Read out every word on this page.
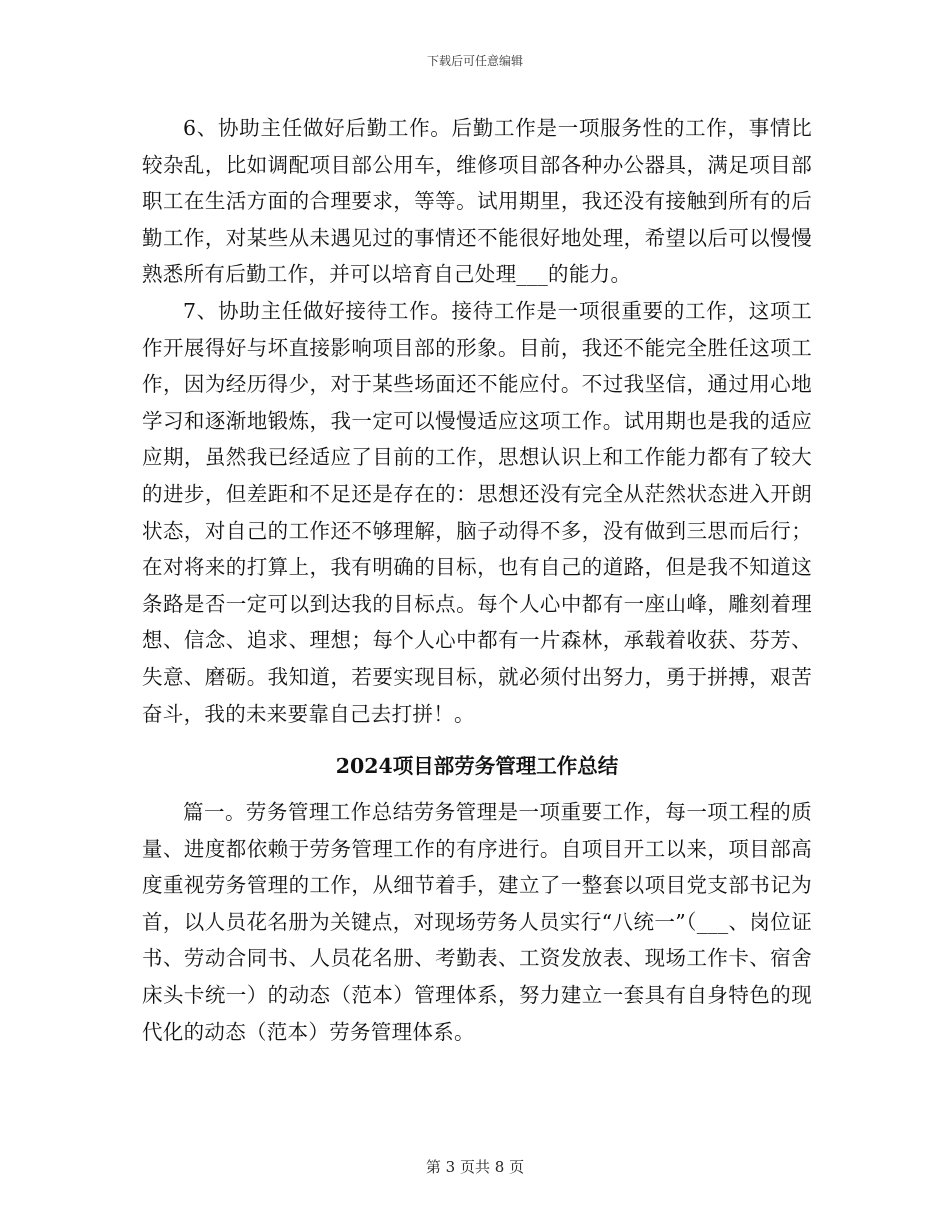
下载后可任意编辑

6、协助主任做好后勤工作。后勤工作是一项服务性的工作，事情比较杂乱，比如调配项目部公用车，维修项目部各种办公器具，满足项目部职工在生活方面的合理要求，等等。试用期里，我还没有接触到所有的后勤工作，对某些从未遇见过的事情还不能很好地处理，希望以后可以慢慢熟悉所有后勤工作，并可以培育自己处理___的能力。

7、协助主任做好接待工作。接待工作是一项很重要的工作，这项工作开展得好与坏直接影响项目部的形象。目前，我还不能完全胜任这项工作，因为经历得少，对于某些场面还不能应付。不过我坚信，通过用心地学习和逐渐地锻炼，我一定可以慢慢适应这项工作。试用期也是我的适应应期，虽然我已经适应了目前的工作，思想认识上和工作能力都有了较大的进步，但差距和不足还是存在的：思想还没有完全从茫然状态进入开朗状态，对自己的工作还不够理解，脑子动得不多，没有做到三思而后行；在对将来的打算上，我有明确的目标，也有自己的道路，但是我不知道这条路是否一定可以到达我的目标点。每个人心中都有一座山峰，雕刻着理想、信念、追求、理想；每个人心中都有一片森林，承载着收获、芬芳、失意、磨砺。我知道，若要实现目标，就必须付出努力，勇于拼搏，艰苦奋斗，我的未来要靠自己去打拼！。

2024项目部劳务管理工作总结

篇一。劳务管理工作总结劳务管理是一项重要工作，每一项工程的质量、进度都依赖于劳务管理工作的有序进行。自项目开工以来，项目部高度重视劳务管理的工作，从细节着手，建立了一整套以项目党支部书记为首，以人员花名册为关键点，对现场劳务人员实行“八统一”（___、岗位证书、劳动合同书、人员花名册、考勤表、工资发放表、现场工作卡、宿舍床头卡统一）的动态（范本）管理体系，努力建立一套具有自身特色的现代化的动态（范本）劳务管理体系。

第 3 页共 8 页
